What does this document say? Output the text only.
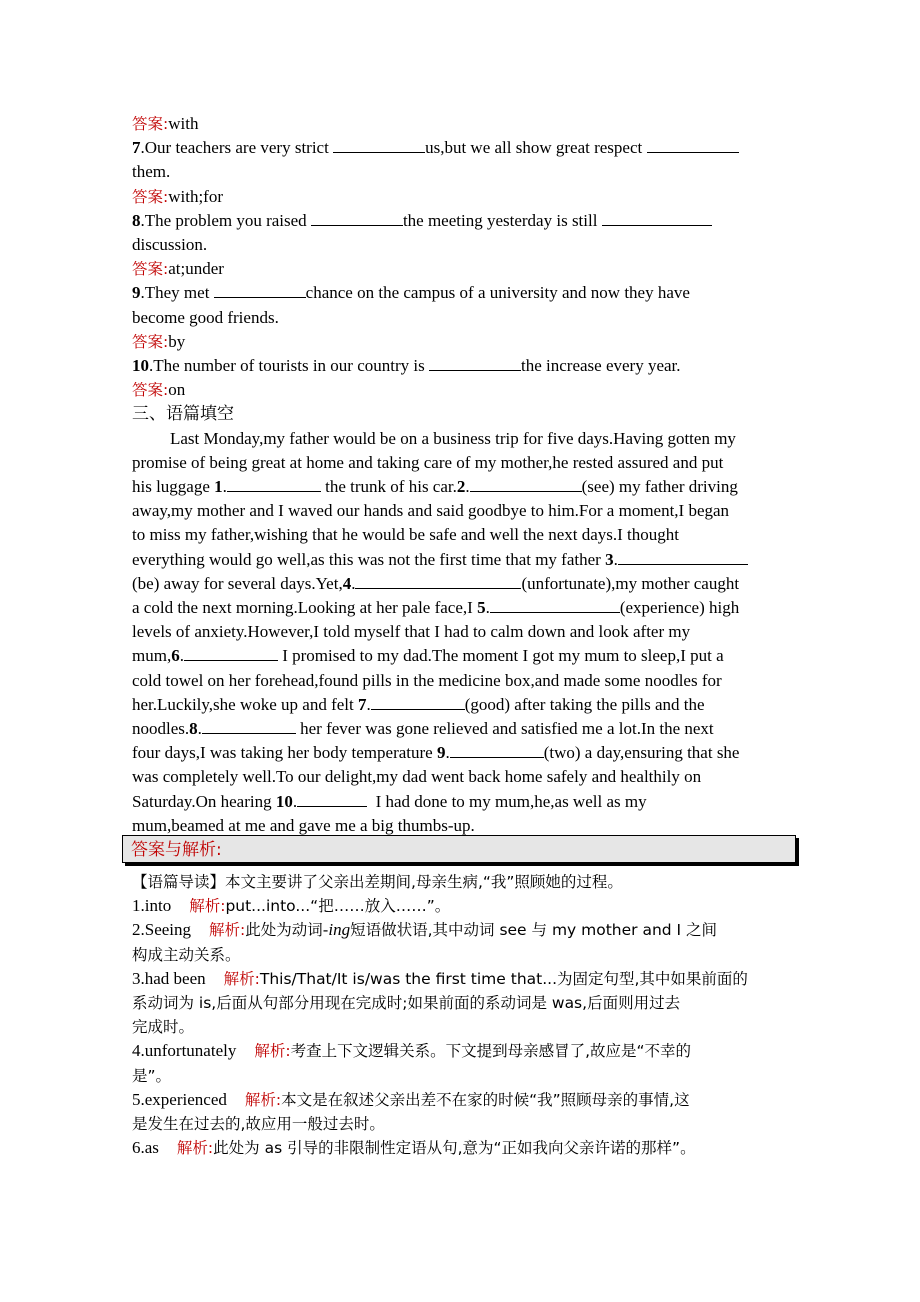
答案:with
7.Our teachers are very strict	us,but we all show great respect
them.
答案:with;for
8.The problem you raised	the meeting yesterday is still
discussion.
答案:at;under
9.They met	chance on the campus of a university and now they have
become good friends.
答案:by
10.The number of tourists in our country is	the increase every year.
答案:on
三、语篇填空
Last Monday,my father would be on a business trip for five days.Having gotten my
promise of being great at home and taking care of my mother,he rested assured and put
his luggage 1.	the trunk of his car.2.	(see) my father driving
away,my mother and I waved our hands and said goodbye to him.For a moment,I began
to miss my father,wishing that he would be safe and well the next days.I thought
everything would go well,as this was not the first time that my father 3.
(be) away for several days.Yet,4.	(unfortunate),my mother caught
a cold the next morning.Looking at her pale face,I 5.	(experience) high
levels of anxiety.However,I told myself that I had to calm down and look after my
mum,6.	I promised to my dad.The moment I got my mum to sleep,I put a
cold towel on her forehead,found pills in the medicine box,and made some noodles for
her.Luckily,she woke up and felt 7.	(good) after taking the pills and the
noodles.8.	her fever was gone relieved and satisfied me a lot.In the next
four days,I was taking her body temperature 9.	(two) a day,ensuring that she
was completely well.To our delight,my dad went back home safely and healthily on
Saturday.On hearing 10.	I had done to my mum,he,as well as my
mum,beamed at me and gave me a big thumbs-up.
答案与解析:
【语篇导读】本文主要讲了父亲出差期间,母亲生病,“我”照顾她的过程。
1.into 解析:put...into...“把……放入……”。
2.Seeing 解析:此处为动词-ing短语做状语,其中动词 see 与 my mother and I 之间
构成主动关系。
3.had been 解析:This/That/It is/was the first time that...为固定句型,其中如果前面的
系动词为 is,后面从句部分用现在完成时;如果前面的系动词是 was,后面则用过去
完成时。
4.unfortunately 解析:考查上下文逻辑关系。下文提到母亲感冒了,故应是“不幸的
是”。
5.experienced 解析:本文是在叙述父亲出差不在家的时候“我”照顾母亲的事情,这
是发生在过去的,故应用一般过去时。
6.as 解析:此处为 as 引导的非限制性定语从句,意为“正如我向父亲许诺的那样”。
